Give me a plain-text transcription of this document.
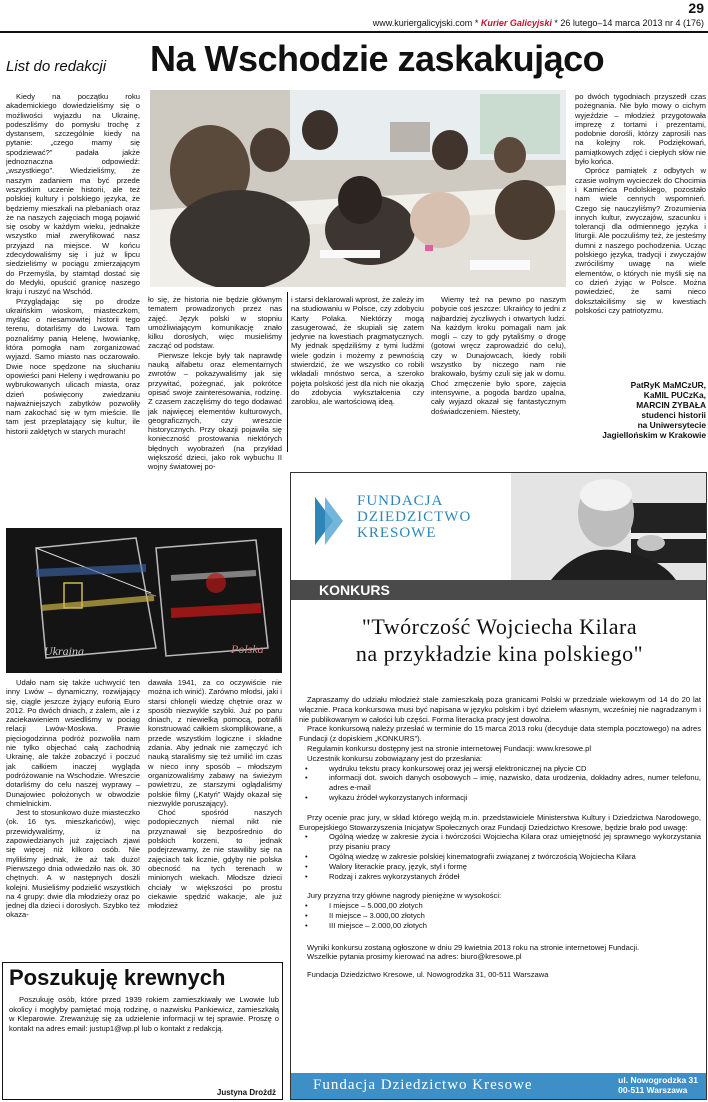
29
www.kuriergalicyjski.com * Kurier Galicyjski * 26 lutego–14 marca 2013 nr 4 (176)
List do redakcji Na Wschodzie zaskakująco

Kiedy na początku roku akademickiego dowiedzieliśmy się o możliwości wyjazdu na Ukrainę, podeszliśmy do pomysłu trochę z dystansem, szczególnie kiedy na pytanie: „czego mamy się spodziewać?” padała jakże jednoznaczna odpowiedź: „wszystkiego”. Wiedzieliśmy, że naszym zadaniem ma być przede wszystkim uczenie historii, ale też polskiej kultury i polskiego języka, że będziemy mieszkali na plebaniach oraz że na naszych zajęciach mogą pojawić się osoby w każdym wieku, jednakże wszystko miał zweryfikować nasz przyjazd na miejsce. W końcu zdecydowaliśmy się i już w lipcu siedzieliśmy w pociągu zmierzającym do Przemyśla, by stamtąd dostać się do Medyki, opuścić granicę naszego kraju i ruszyć na Wschód.

Przyglądając się po drodze ukraińskim wioskom, miasteczkom, myśląc o niesamowitej historii tego terenu, dotarliśmy do Lwowa. Tam poznaliśmy panią Helenę, lwowiankę, która pomogła nam zorganizować wyjazd. Samo miasto nas oczarowało. Dwie noce spędzone na słuchaniu opowieści pani Heleny i wędrowaniu po wybrukowanych ulicach miasta, oraz dzień poświęcony zwiedzaniu najważniejszych zabytków pozwoliły nam zakochać się w tym mieście. Ile tam jest przeplatający się kultur, ile historii zaklętych w starych murach!

Ukraina	Polska

Udało nam się także uchwycić ten inny Lwów – dynamiczny, rozwijający się, ciągle jeszcze żyjący euforią Euro 2012. Po dwóch dniach, z żalem, ale i z zaciekawieniem wsiedliśmy w pociąg relacji Lwów-Moskwa. Prawie pięciogodzinna podróż pozwoliła nam nie tylko objechać całą zachodnią Ukrainę, ale także zobaczyć i poczuć jak całkiem inaczej wygląda podróżowanie na Wschodzie. Wreszcie dotarliśmy do celu naszej wyprawy – Dunajowiec położonych w obwodzie chmielnickim.

Jest to stosunkowo duże miasteczko (ok. 16 tys. mieszkańców), więc przewidywaliśmy, iż na zapowiedzianych już zajęciach zjawi się więcej niż kilkoro osób. Nie myliliśmy jednak, że aż tak dużo! Pierwszego dnia odwiedziło nas ok. 30 chętnych. A w następnych dosżli kolejni. Musieliśmy podzielić wszystkich na 4 grupy: dwie dla młodzieży oraz po jednej dla dzieci i dorosłych. Szybko też okaza-

ło się, że historia nie będzie głównym tematem prowadzonych przez nas zajęć. Język polski w stopniu umożliwiającym komunikację znało kilku dorosłych, więc musieliśmy zacząć od podstaw.

Pierwsze lekcje były tak naprawdę nauką alfabetu oraz elementarnych zwrotów – pokazywaliśmy jak się przywitać, pożegnać, jak pokrótce opisać swoje zainteresowania, rodzinę. Z czasem zaczęliśmy do tego dodawać jak najwięcej elementów kulturowych, geograficznych, czy wreszcie historycznych. Przy okazji pojawiła się konieczność prostowania niektórych błędnych wyobrażeń (na przykład większość dzieci, jako rok wybuchu II wojny światowej po-

dawała 1941, za co oczywiście nie można ich winić). Zarówno młodsi, jaki i starsi chłonęli wiedzę chętnie oraz w sposób niezwykle szybki. Już po paru dniach, z niewielką pomocą, potrafili konstruować całkiem skomplikowane, a przede wszystkim logiczne i składne zdania. Aby jednak nie zamęczyć ich nauką staraliśmy się też umilić im czas w nieco inny sposób – młodszym organizowaliśmy zabawy na świeżym powietrzu, ze starszymi oglądaliśmy polskie filmy („Katyń” Wajdy okazał się niezwykle poruszający).

Choć spośród naszych podopiecznych niemal nikt nie przyznawał się bezpośrednio do polskich korzeni, to jednak podejrzewamy, że nie stawiliby się na zajęciach tak licznie, gdyby nie polska obecność na tych terenach w minionych wiekach. Młodsze dzieci chciały w większości po prostu ciekawie spędzić wakacje, ale już młodzież

i starsi deklarowali wprost, że zależy im na studiowaniu w Polsce, czy zdobyciu Karty Polaka. Niektórzy mogą zasugerować, że skupiali się zatem jedynie na kwestiach pragmatycznych. My jednak spędziliśmy z tymi ludźmi wiele godzin i możemy z pewnością stwierdzić, że we wszystko co robili wkładali mnóstwo serca, a szeroko pojęta polskość jest dla nich nie okazją do zdobycia wykształcenia czy zarobku, ale wartościową ideą.

Wiemy też na pewno po naszym pobycie coś jeszcze: Ukraińcy to jedni z najbardziej życzliwych i otwartych ludzi. Na każdym kroku pomagali nam jak mogli – czy to gdy pytaliśmy o drogę (gotowi wręcz zaprowadzić do celu), czy w Dunajowcach, kiedy robili wszystko by niczego nam nie brakowało, byśmy czuli się jak w domu. Choć zmęczenie było spore, zajęcia intensywne, a pogoda bardzo upalna, cały wyjazd okazał się fantastycznym doświadczeniem. Niestety,

po dwóch tygodniach przyszedł czas pożegnania. Nie było mowy o cichym wyjeździe – młodzież przygotowała imprezę z tortami i prezentami, podobnie dorośli, którzy zaprosili nas na kolejny rok. Podziękowań, pamiątkowych zdjęć i ciepłych słów nie było końca.

Oprócz pamiątek z odbytych w czasie wolnym wycieczek do Chocimia i Kamieńca Podolskiego, pozostało nam wiele cennych wspomnień. Czego się nauczyliśmy? Zrozumienia innych kultur, zwyczajów, szacunku i tolerancji dla odmiennego języka i liturgii. Ale poczuliśmy też, że jesteśmy dumni z naszego pochodzenia. Ucząc polskiego języka, tradycji i zwyczajów zwróciliśmy uwagę na wiele elementów, o których nie myśli się na co dzień żyjąc w Polsce. Można powiedzieć, że sami nieco dokształciliśmy się w kwestiach polskości czy patriotyzmu.

PatRyK MaMCzUR,
KaMIL PUCzKa,
MARCIN ZYBAŁA
studenci historii
na Uniwersytecie
Jagiellońskim w Krakowie
FUNDACJA
DZIEDZICTWO
KRESOWE
KONKURS
"Twórczość Wojciecha Kilara
na przykładzie kina polskiego"

Zapraszamy do udziału młodzież stale zamieszkałą poza granicami Polski w przedziale wiekowym od 14 do 20 lat włącznie. Praca konkursowa musi być napisana w języku polskim i być dziełem własnym, wcześniej nie nagradzanym i nie publikowanym w całości lub części. Forma literacka pracy jest dowolna.

Prace konkursową należy przesłać w terminie do 15 marca 2013 roku (decyduje data stempla pocztowego) na adres Fundacji (z dopiskiem „KONKURS”).

Regulamin konkursu dostępny jest na stronie internetowej Fundacji: www.kresowe.pl

Uczestnik konkursu zobowiązany jest do przesłania:

• wydruku tekstu pracy konkursowej oraz jej wersji elektronicznej na płycie CD
• informacji dot. swoich danych osobowych – imię, nazwisko, data urodzenia, dokładny adres, numer telefonu, adres e-mail
• wykazu źródeł wykorzystanych informacji

Przy ocenie prac jury, w skład którego wejdą m.in. przedstawiciele Ministerstwa Kultury i Dziedzictwa Narodowego, Europejskiego Stowarzyszenia Inicjatyw Społecznych oraz Fundacji Dziedzictwo Kresowe, będzie brało pod uwagę:

• Ogólną wiedzę w zakresie życia i twórczości Wojciecha Kilara oraz umiejętność jej sprawnego wykorzystania przy pisaniu pracy
• Ogólną wiedzę w zakresie polskiej kinematografii związanej z twórczością Wojciecha Kilara
• Walory literackie pracy, język, styl i formę
• Rodzaj i zakres wykorzystanych źródeł

Jury przyzna trzy główne nagrody pieniężne w wysokości:

• I miejsce – 5.000,00 złotych
• II miejsce – 3.000,00 złotych
• III miejsce – 2.000,00 złotych

Wyniki konkursu zostaną ogłoszone w dniu 29 kwietnia 2013 roku na stronie internetowej Fundacji.

Wszelkie pytania prosimy kierować na adres: biuro@kresowe.pl

Fundacja Dziedzictwo Kresowe, ul. Nowogrodzka 31, 00-511 Warszawa

Fundacja Dziedzictwo Kresowe	ul. Nowogrodzka 31
00-511 Warszawa
Poszukuję krewnych
Poszukuję osób, które przed 1939 rokiem zamieszkiwały we Lwowie lub okolicy i mogłyby pamiętać moją rodzinę, o nazwisku Pankiewicz, zamieszkałą w Kleparowie. Zrewanżuję się za udzielenie informacji w tej sprawie. Proszę o kontakt na adres email: justup1@wp.pl lub o kontakt z redakcją.
Justyna Drożdż
